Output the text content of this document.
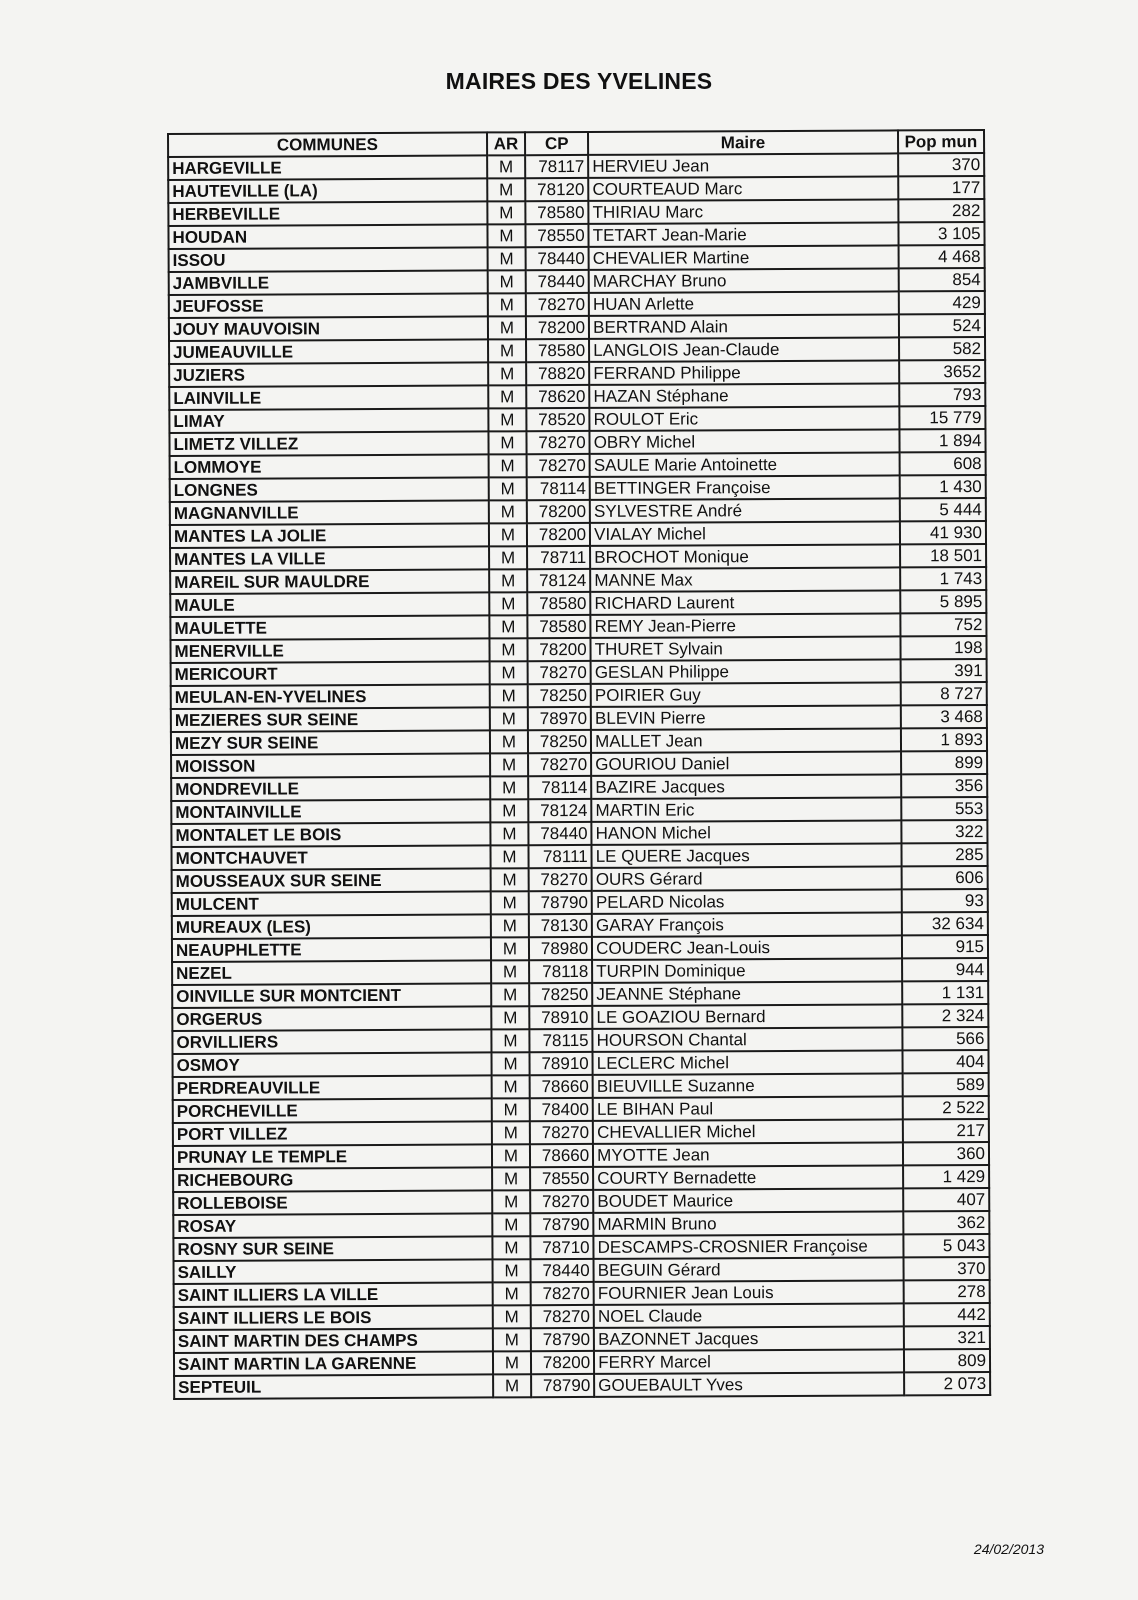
MAIRES DES YVELINES
COMMUNES	AR	CP	Maire	Pop mun
HARGEVILLE	M	78117	HERVIEU Jean	370
HAUTEVILLE (LA)	M	78120	COURTEAUD Marc	177
HERBEVILLE	M	78580	THIRIAU Marc	282
HOUDAN	M	78550	TETART Jean-Marie	3 105
ISSOU	M	78440	CHEVALIER Martine	4 468
JAMBVILLE	M	78440	MARCHAY Bruno	854
JEUFOSSE	M	78270	HUAN Arlette	429
JOUY MAUVOISIN	M	78200	BERTRAND Alain	524
JUMEAUVILLE	M	78580	LANGLOIS Jean-Claude	582
JUZIERS	M	78820	FERRAND Philippe	3652
LAINVILLE	M	78620	HAZAN Stéphane	793
LIMAY	M	78520	ROULOT Eric	15 779
LIMETZ VILLEZ	M	78270	OBRY Michel	1 894
LOMMOYE	M	78270	SAULE Marie Antoinette	608
LONGNES	M	78114	BETTINGER Françoise	1 430
MAGNANVILLE	M	78200	SYLVESTRE André	5 444
MANTES LA JOLIE	M	78200	VIALAY Michel	41 930
MANTES LA VILLE	M	78711	BROCHOT Monique	18 501
MAREIL SUR MAULDRE	M	78124	MANNE Max	1 743
MAULE	M	78580	RICHARD Laurent	5 895
MAULETTE	M	78580	REMY Jean-Pierre	752
MENERVILLE	M	78200	THURET Sylvain	198
MERICOURT	M	78270	GESLAN Philippe	391
MEULAN-EN-YVELINES	M	78250	POIRIER Guy	8 727
MEZIERES SUR SEINE	M	78970	BLEVIN Pierre	3 468
MEZY SUR SEINE	M	78250	MALLET Jean	1 893
MOISSON	M	78270	GOURIOU Daniel	899
MONDREVILLE	M	78114	BAZIRE Jacques	356
MONTAINVILLE	M	78124	MARTIN Eric	553
MONTALET LE BOIS	M	78440	HANON Michel	322
MONTCHAUVET	M	78111	LE QUERE Jacques	285
MOUSSEAUX SUR SEINE	M	78270	OURS Gérard	606
MULCENT	M	78790	PELARD Nicolas	93
MUREAUX (LES)	M	78130	GARAY François	32 634
NEAUPHLETTE	M	78980	COUDERC Jean-Louis	915
NEZEL	M	78118	TURPIN Dominique	944
OINVILLE SUR MONTCIENT	M	78250	JEANNE Stéphane	1 131
ORGERUS	M	78910	LE GOAZIOU Bernard	2 324
ORVILLIERS	M	78115	HOURSON Chantal	566
OSMOY	M	78910	LECLERC Michel	404
PERDREAUVILLE	M	78660	BIEUVILLE Suzanne	589
PORCHEVILLE	M	78400	LE BIHAN Paul	2 522
PORT VILLEZ	M	78270	CHEVALLIER Michel	217
PRUNAY LE TEMPLE	M	78660	MYOTTE Jean	360
RICHEBOURG	M	78550	COURTY Bernadette	1 429
ROLLEBOISE	M	78270	BOUDET Maurice	407
ROSAY	M	78790	MARMIN Bruno	362
ROSNY SUR SEINE	M	78710	DESCAMPS-CROSNIER Françoise	5 043
SAILLY	M	78440	BEGUIN Gérard	370
SAINT ILLIERS LA VILLE	M	78270	FOURNIER Jean Louis	278
SAINT ILLIERS LE BOIS	M	78270	NOEL Claude	442
SAINT MARTIN DES CHAMPS	M	78790	BAZONNET Jacques	321
SAINT MARTIN LA GARENNE	M	78200	FERRY Marcel	809
SEPTEUIL	M	78790	GOUEBAULT Yves	2 073
24/02/2013
